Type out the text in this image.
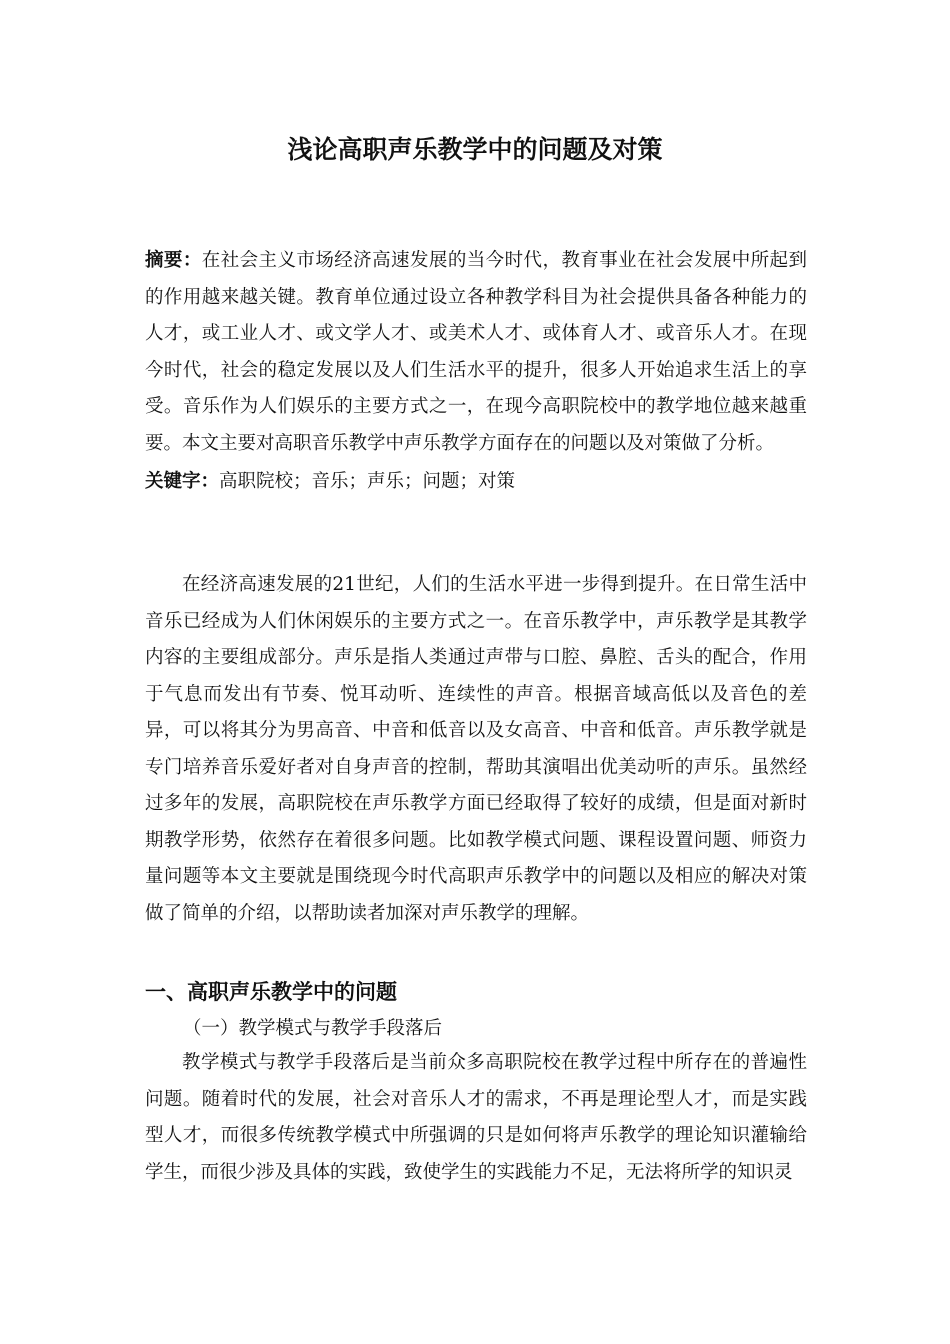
浅论高职声乐教学中的问题及对策
摘要：在社会主义市场经济高速发展的当今时代，教育事业在社会发展中所起到的作用越来越关键。教育单位通过设立各种教学科目为社会提供具备各种能力的人才，或工业人才、或文学人才、或美术人才、或体育人才、或音乐人才。在现今时代，社会的稳定发展以及人们生活水平的提升，很多人开始追求生活上的享受。音乐作为人们娱乐的主要方式之一，在现今高职院校中的教学地位越来越重要。本文主要对高职音乐教学中声乐教学方面存在的问题以及对策做了分析。
关键字：高职院校；音乐；声乐；问题；对策
在经济高速发展的21世纪，人们的生活水平进一步得到提升。在日常生活中音乐已经成为人们休闲娱乐的主要方式之一。在音乐教学中，声乐教学是其教学内容的主要组成部分。声乐是指人类通过声带与口腔、鼻腔、舌头的配合，作用于气息而发出有节奏、悦耳动听、连续性的声音。根据音域高低以及音色的差异，可以将其分为男高音、中音和低音以及女高音、中音和低音。声乐教学就是专门培养音乐爱好者对自身声音的控制，帮助其演唱出优美动听的声乐。虽然经过多年的发展，高职院校在声乐教学方面已经取得了较好的成绩，但是面对新时期教学形势，依然存在着很多问题。比如教学模式问题、课程设置问题、师资力量问题等本文主要就是围绕现今时代高职声乐教学中的问题以及相应的解决对策做了简单的介绍，以帮助读者加深对声乐教学的理解。
一、高职声乐教学中的问题
（一）教学模式与教学手段落后
教学模式与教学手段落后是当前众多高职院校在教学过程中所存在的普遍性问题。随着时代的发展，社会对音乐人才的需求，不再是理论型人才，而是实践型人才，而很多传统教学模式中所强调的只是如何将声乐教学的理论知识灌输给学生，而很少涉及具体的实践，致使学生的实践能力不足，无法将所学的知识灵
